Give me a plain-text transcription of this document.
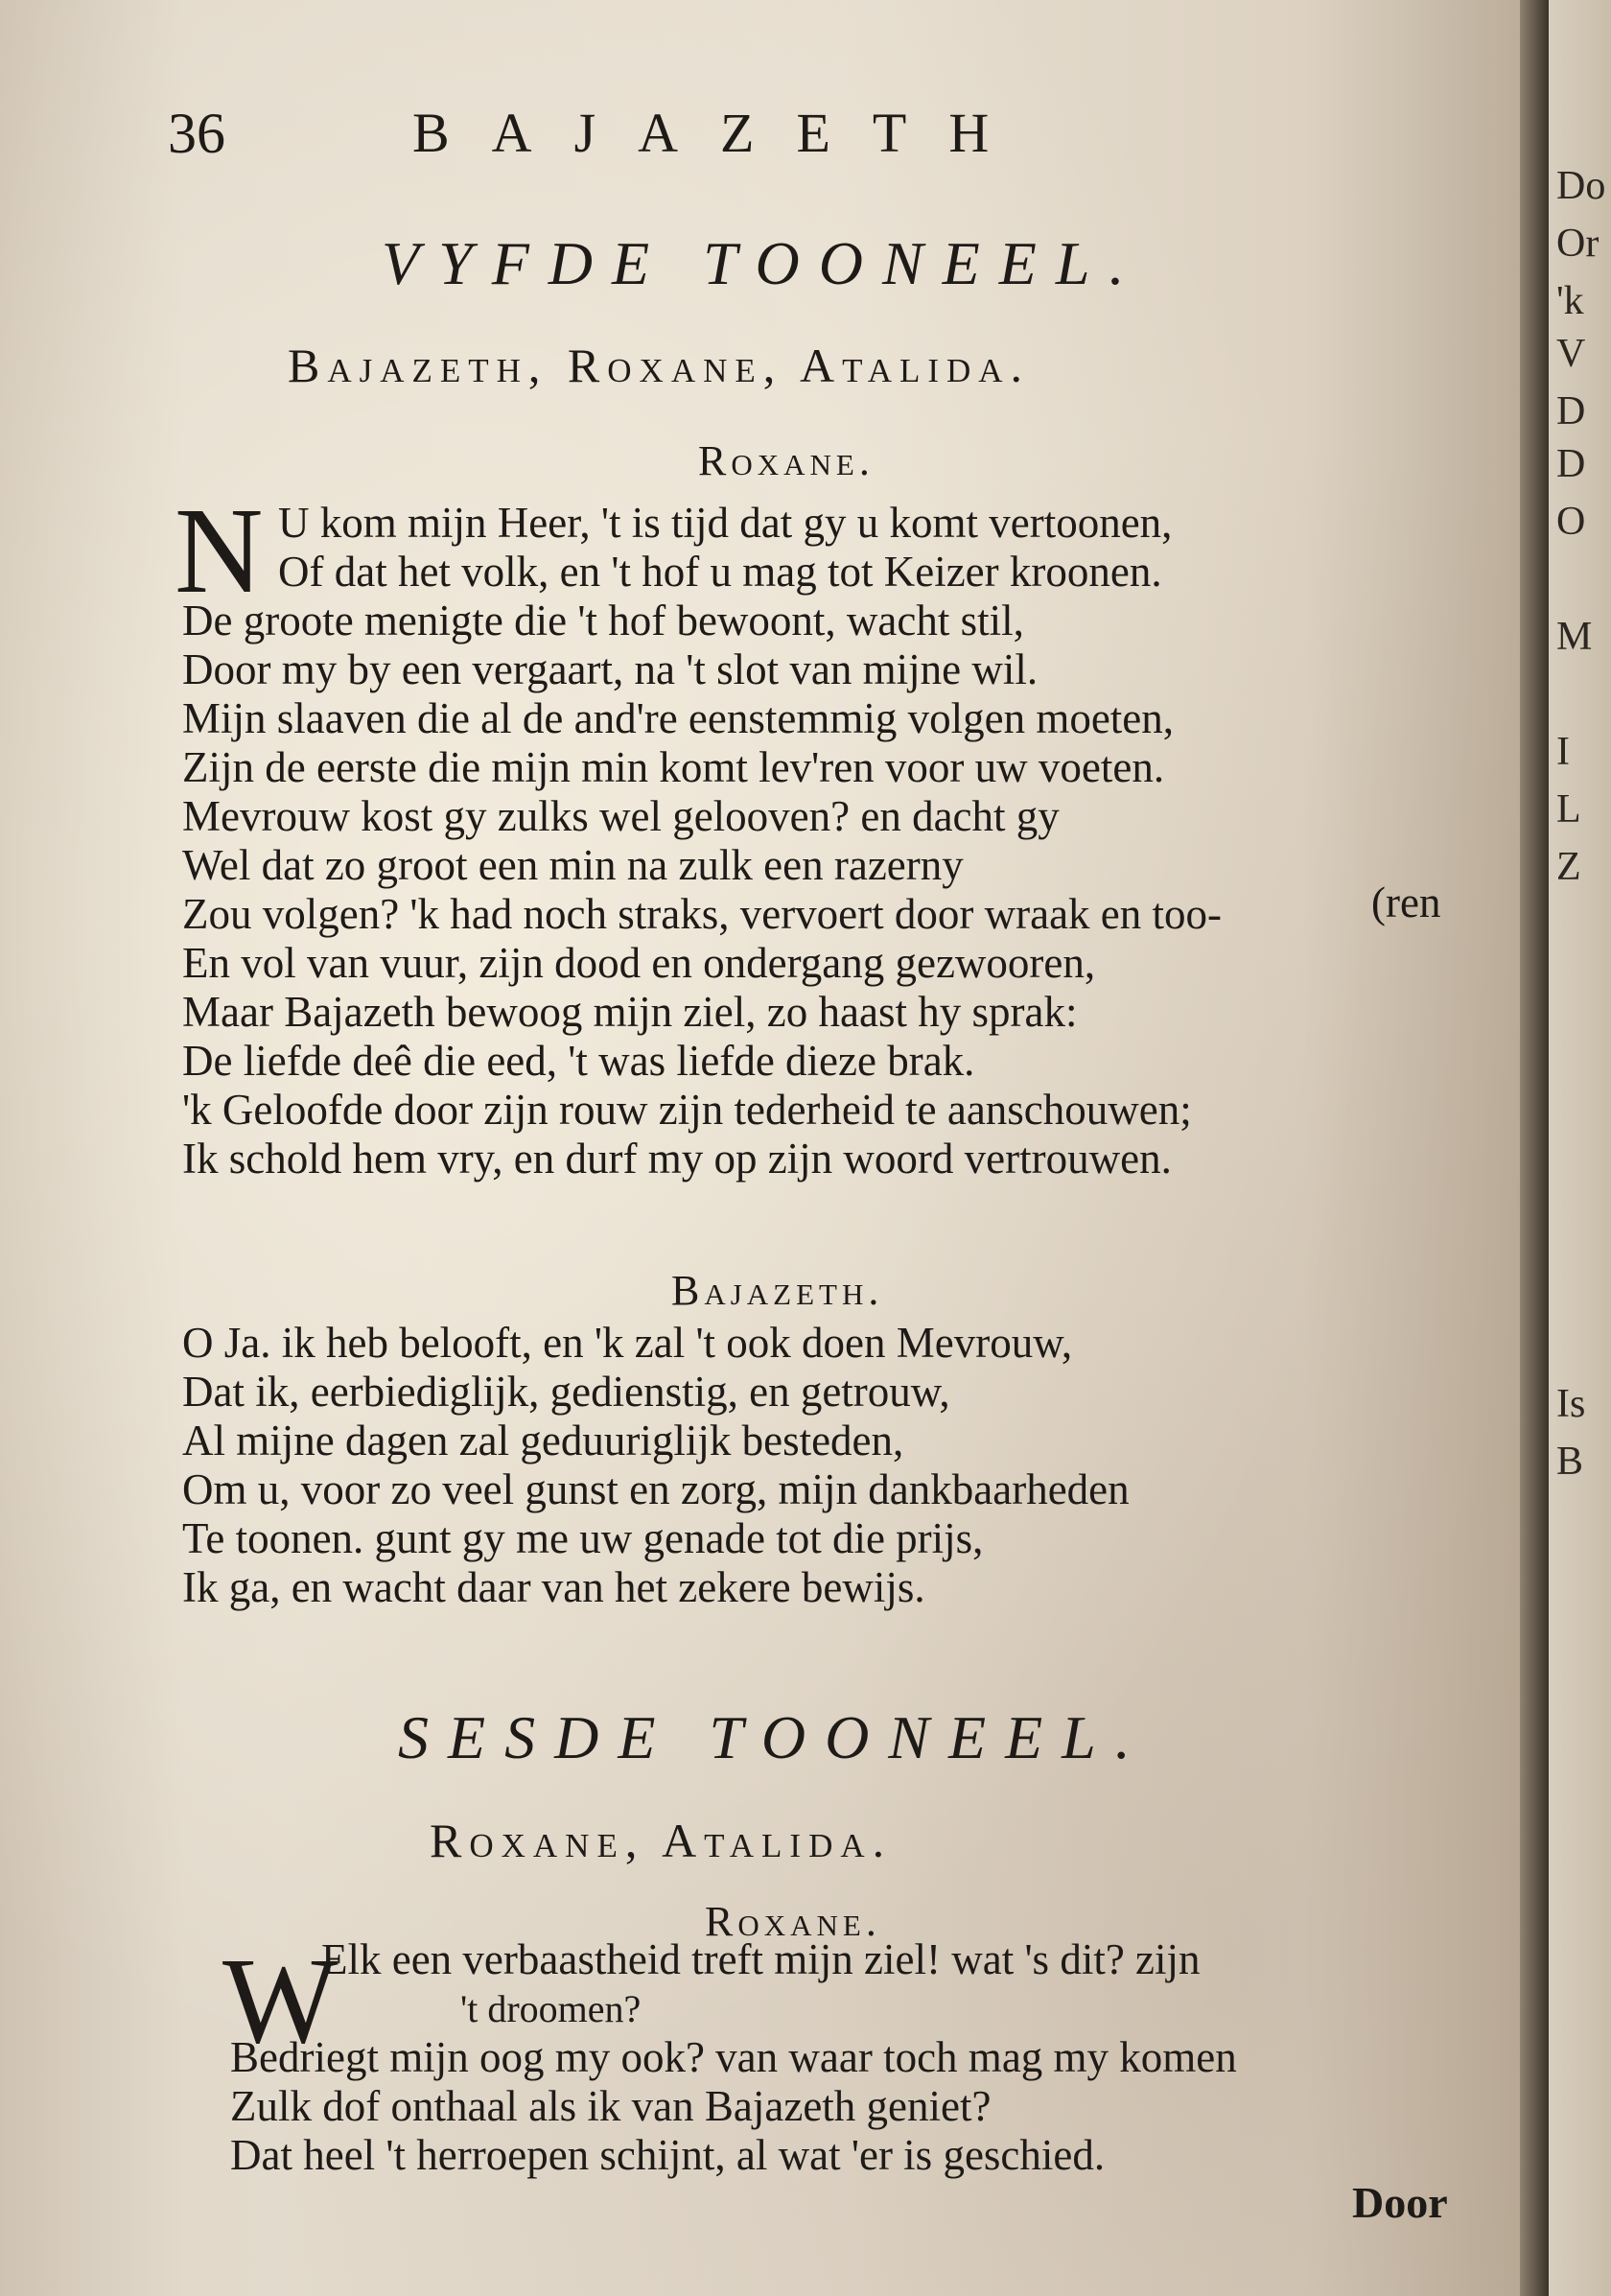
36	BAJAZETH
VYFDE TOONEEL.
Bajazeth, Roxane, Atalida.
Roxane.
N U kom mijn Heer, 't is tijd dat gy u komt vertoonen,
Of dat het volk, en 't hof u mag tot Keizer kroonen.
De groote menigte die 't hof bewoont, wacht stil,
Door my by een vergaart, na 't slot van mijne wil.
Mijn slaaven die al de and're eenstemmig volgen moeten,
Zijn de eerste die mijn min komt lev'ren voor uw voeten.
Mevrouw kost gy zulks wel gelooven? en dacht gy
Wel dat zo groot een min na zulk een razerny
Zou volgen? 'k had noch straks, vervoert door wraak en too-
En vol van vuur, zijn dood en ondergang gezwooren,
Maar Bajazeth bewoog mijn ziel, zo haast hy sprak:
De liefde deê die eed, 't was liefde dieze brak.
'k Geloofde door zijn rouw zijn tederheid te aanschouwen;
Ik schold hem vry, en durf my op zijn woord vertrouwen.
(ren
Bajazeth.
O Ja. ik heb belooft, en 'k zal 't ook doen Mevrouw,
Dat ik, eerbiediglijk, gedienstig, en getrouw,
Al mijne dagen zal geduuriglijk besteden,
Om u, voor zo veel gunst en zorg, mijn dankbaarheden
Te toonen. gunt gy me uw genade tot die prijs,
Ik ga, en wacht daar van het zekere bewijs.
SESDE TOONEEL.
Roxane, Atalida.
Roxane.
W
Elk een verbaastheid treft mijn ziel! wat 's dit? zijn
't droomen?
Bedriegt mijn oog my ook? van waar toch mag my komen
Zulk dof onthaal als ik van Bajazeth geniet?
Dat heel 't herroepen schijnt, al wat 'er is geschied.
Door
Do
Or
'k
V
D
D
O
M
I
L
Z
Is
B
